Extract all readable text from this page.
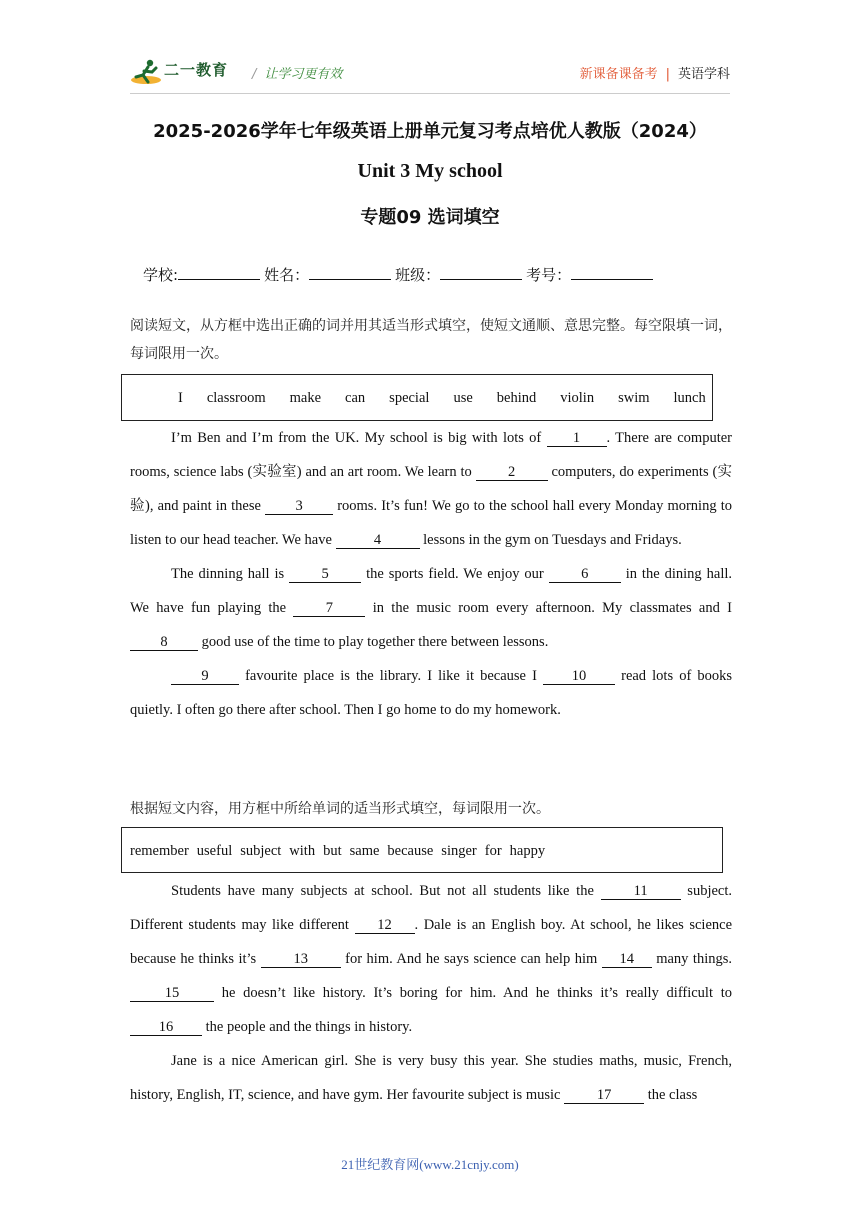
二一教育 / 让学习更有效	新课备课备考 | 英语学科
2025-2026学年七年级英语上册单元复习考点培优人教版（2024）
Unit 3 My school
专题09 选词填空
学校:	姓名：	班级：	考号：
阅读短文，从方框中选出正确的词并用其适当形式填空，使短文通顺、意思完整。每空限填一词，每词限用一次。
I classroom make can special use behind violin swim lunch

I’m Ben and I’m from the UK. My school is big with lots of 1 . There are computer rooms, science labs (实验室) and an art room. We learn to	2	computers, do experiments (实验), and paint in these 3 rooms. It’s fun! We go to the school hall every Monday morning to listen to our head teacher. We have	4	lessons in the gym on Tuesdays and Fridays.

The dinning hall is	5	the sports field. We enjoy our	6	in the dining hall. We have fun playing the	7	in the music room every afternoon. My classmates and I 8 good use of the time to play together there between lessons.

9	favourite place is the library. I like it because I 10 read lots of books quietly. I often go there after school. Then I go home to do my homework.

根据短文内容，用方框中所给单词的适当形式填空，每词限用一次。
remember useful subject with but same because singer for happy

Students have many subjects at school. But not all students like the	11	subject. Different students may like different 12 . Dale is an English boy. At school, he likes science because he thinks it’s	13	for him. And he says science can help him 14 many things. 15	he doesn’t like history. It’s boring for him. And he thinks it’s really difficult to 16 the people and the things in history.

Jane is a nice American girl. She is very busy this year. She studies maths, music, French, history, English, IT, science, and have gym. Her favourite subject is music	17	the class

21世纪教育网(www.21cnjy.com)
